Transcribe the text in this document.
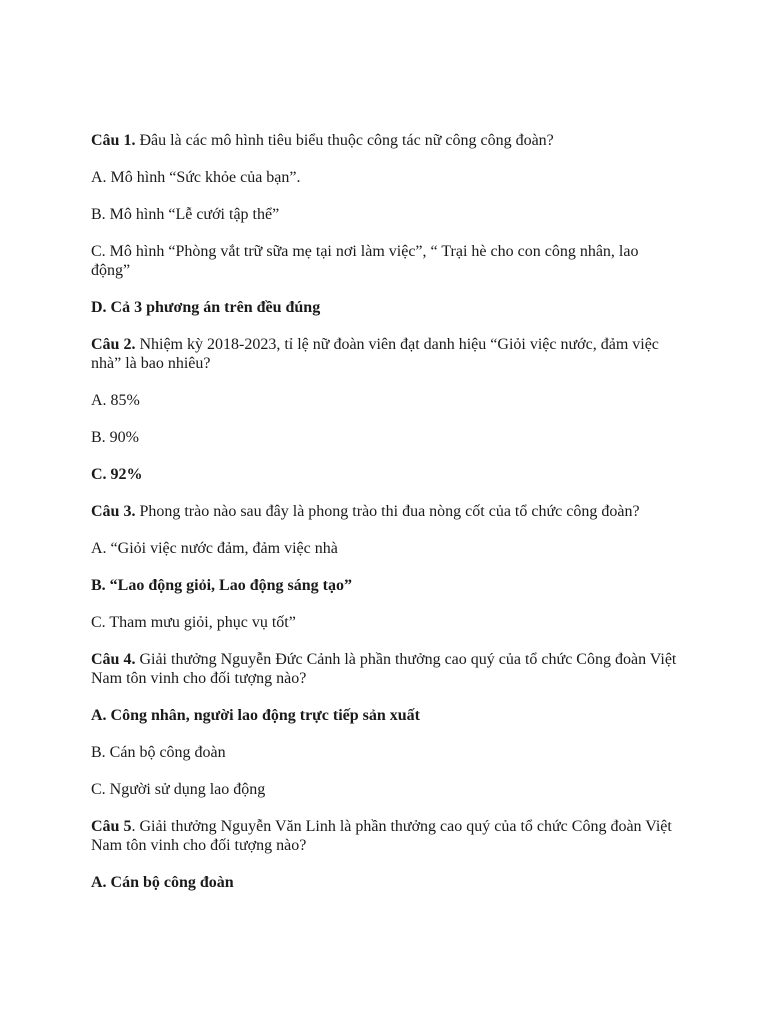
Câu 1. Đâu là các mô hình tiêu biểu thuộc công tác nữ công công đoàn?

A. Mô hình “Sức khỏe của bạn”.

B. Mô hình “Lễ cưới tập thể”

C. Mô hình “Phòng vắt trữ sữa mẹ tại nơi làm việc”, “ Trại hè cho con công nhân, lao động”

D. Cả 3 phương án trên đều đúng

Câu 2. Nhiệm kỳ 2018-2023, tỉ lệ nữ đoàn viên đạt danh hiệu “Giỏi việc nước, đảm việc nhà” là bao nhiêu?

A. 85%

B. 90%

C. 92%

Câu 3. Phong trào nào sau đây là phong trào thi đua nòng cốt của tổ chức công đoàn?

A. “Giỏi việc nước đảm, đảm việc nhà

B. “Lao động giỏi, Lao động sáng tạo”

C. Tham mưu giỏi, phục vụ tốt”

Câu 4. Giải thưởng Nguyễn Đức Cảnh là phần thưởng cao quý của tổ chức Công đoàn Việt Nam tôn vinh cho đối tượng nào?

A. Công nhân, người lao động trực tiếp sản xuất

B. Cán bộ công đoàn

C. Người sử dụng lao động

Câu 5. Giải thưởng Nguyễn Văn Linh là phần thưởng cao quý của tổ chức Công đoàn Việt Nam tôn vinh cho đối tượng nào?

A. Cán bộ công đoàn
